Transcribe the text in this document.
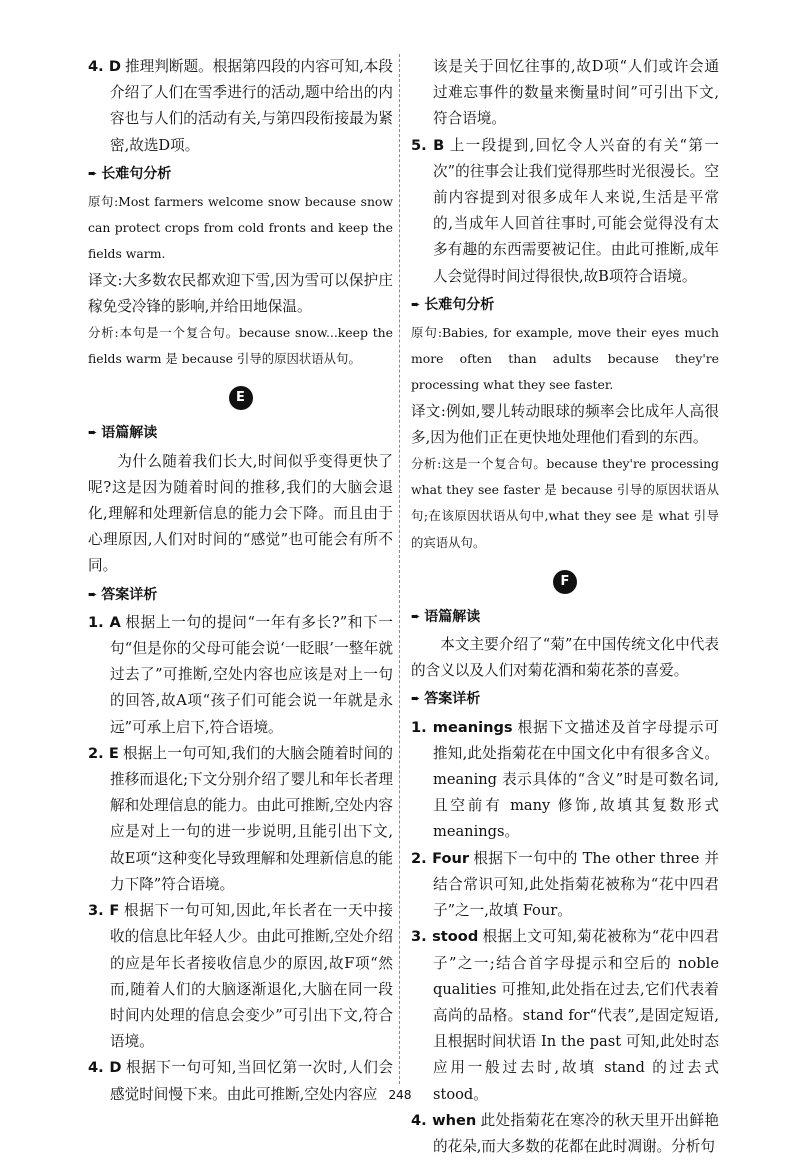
4. D 推理判断题。根据第四段的内容可知,本段介绍了人们在雪季进行的活动,题中给出的内容也与人们的活动有关,与第四段衔接最为紧密,故选D项。

➨ 长难句分析

原句:Most farmers welcome snow because snow can protect crops from cold fronts and keep the fields warm.

译文:大多数农民都欢迎下雪,因为雪可以保护庄稼免受冷锋的影响,并给田地保温。

分析:本句是一个复合句。because snow...keep the fields warm 是 because 引导的原因状语从句。

E
➨ 语篇解读

为什么随着我们长大,时间似乎变得更快了呢?这是因为随着时间的推移,我们的大脑会退化,理解和处理新信息的能力会下降。而且由于心理原因,人们对时间的“感觉”也可能会有所不同。

➨ 答案详析

1. A 根据上一句的提问“一年有多长?”和下一句“但是你的父母可能会说‘一眨眼’一整年就过去了”可推断,空处内容也应该是对上一句的回答,故A项“孩子们可能会说一年就是永远”可承上启下,符合语境。

2. E 根据上一句可知,我们的大脑会随着时间的推移而退化;下文分别介绍了婴儿和年长者理解和处理信息的能力。由此可推断,空处内容应是对上一句的进一步说明,且能引出下文,故E项“这种变化导致理解和处理新信息的能力下降”符合语境。

3. F 根据下一句可知,因此,年长者在一天中接收的信息比年轻人少。由此可推断,空处介绍的应是年长者接收信息少的原因,故F项“然而,随着人们的大脑逐渐退化,大脑在同一段时间内处理的信息会变少”可引出下文,符合语境。

4. D 根据下一句可知,当回忆第一次时,人们会感觉时间慢下来。由此可推断,空处内容应

该是关于回忆往事的,故D项“人们或许会通过难忘事件的数量来衡量时间”可引出下文,符合语境。

5. B 上一段提到,回忆令人兴奋的有关“第一次”的往事会让我们觉得那些时光很漫长。空前内容提到对很多成年人来说,生活是平常的,当成年人回首往事时,可能会觉得没有太多有趣的东西需要被记住。由此可推断,成年人会觉得时间过得很快,故B项符合语境。

➨ 长难句分析

原句:Babies, for example, move their eyes much more often than adults because they're processing what they see faster.

译文:例如,婴儿转动眼球的频率会比成年人高很多,因为他们正在更快地处理他们看到的东西。

分析:这是一个复合句。because they're processing what they see faster 是 because 引导的原因状语从句;在该原因状语从句中,what they see 是 what 引导的宾语从句。

F
➨ 语篇解读

本文主要介绍了“菊”在中国传统文化中代表的含义以及人们对菊花酒和菊花茶的喜爱。

➨ 答案详析

1. meanings 根据下文描述及首字母提示可推知,此处指菊花在中国文化中有很多含义。meaning 表示具体的“含义”时是可数名词,且空前有 many 修饰,故填其复数形式 meanings。

2. Four 根据下一句中的 The other three 并结合常识可知,此处指菊花被称为“花中四君子”之一,故填 Four。

3. stood 根据上文可知,菊花被称为“花中四君子”之一;结合首字母提示和空后的 noble qualities 可推知,此处指在过去,它们代表着高尚的品格。stand for“代表”,是固定短语,且根据时间状语 In the past 可知,此处时态应用一般过去时,故填 stand 的过去式 stood。

4. when 此处指菊花在寒冷的秋天里开出鲜艳的花朵,而大多数的花都在此时凋谢。分析句

248
